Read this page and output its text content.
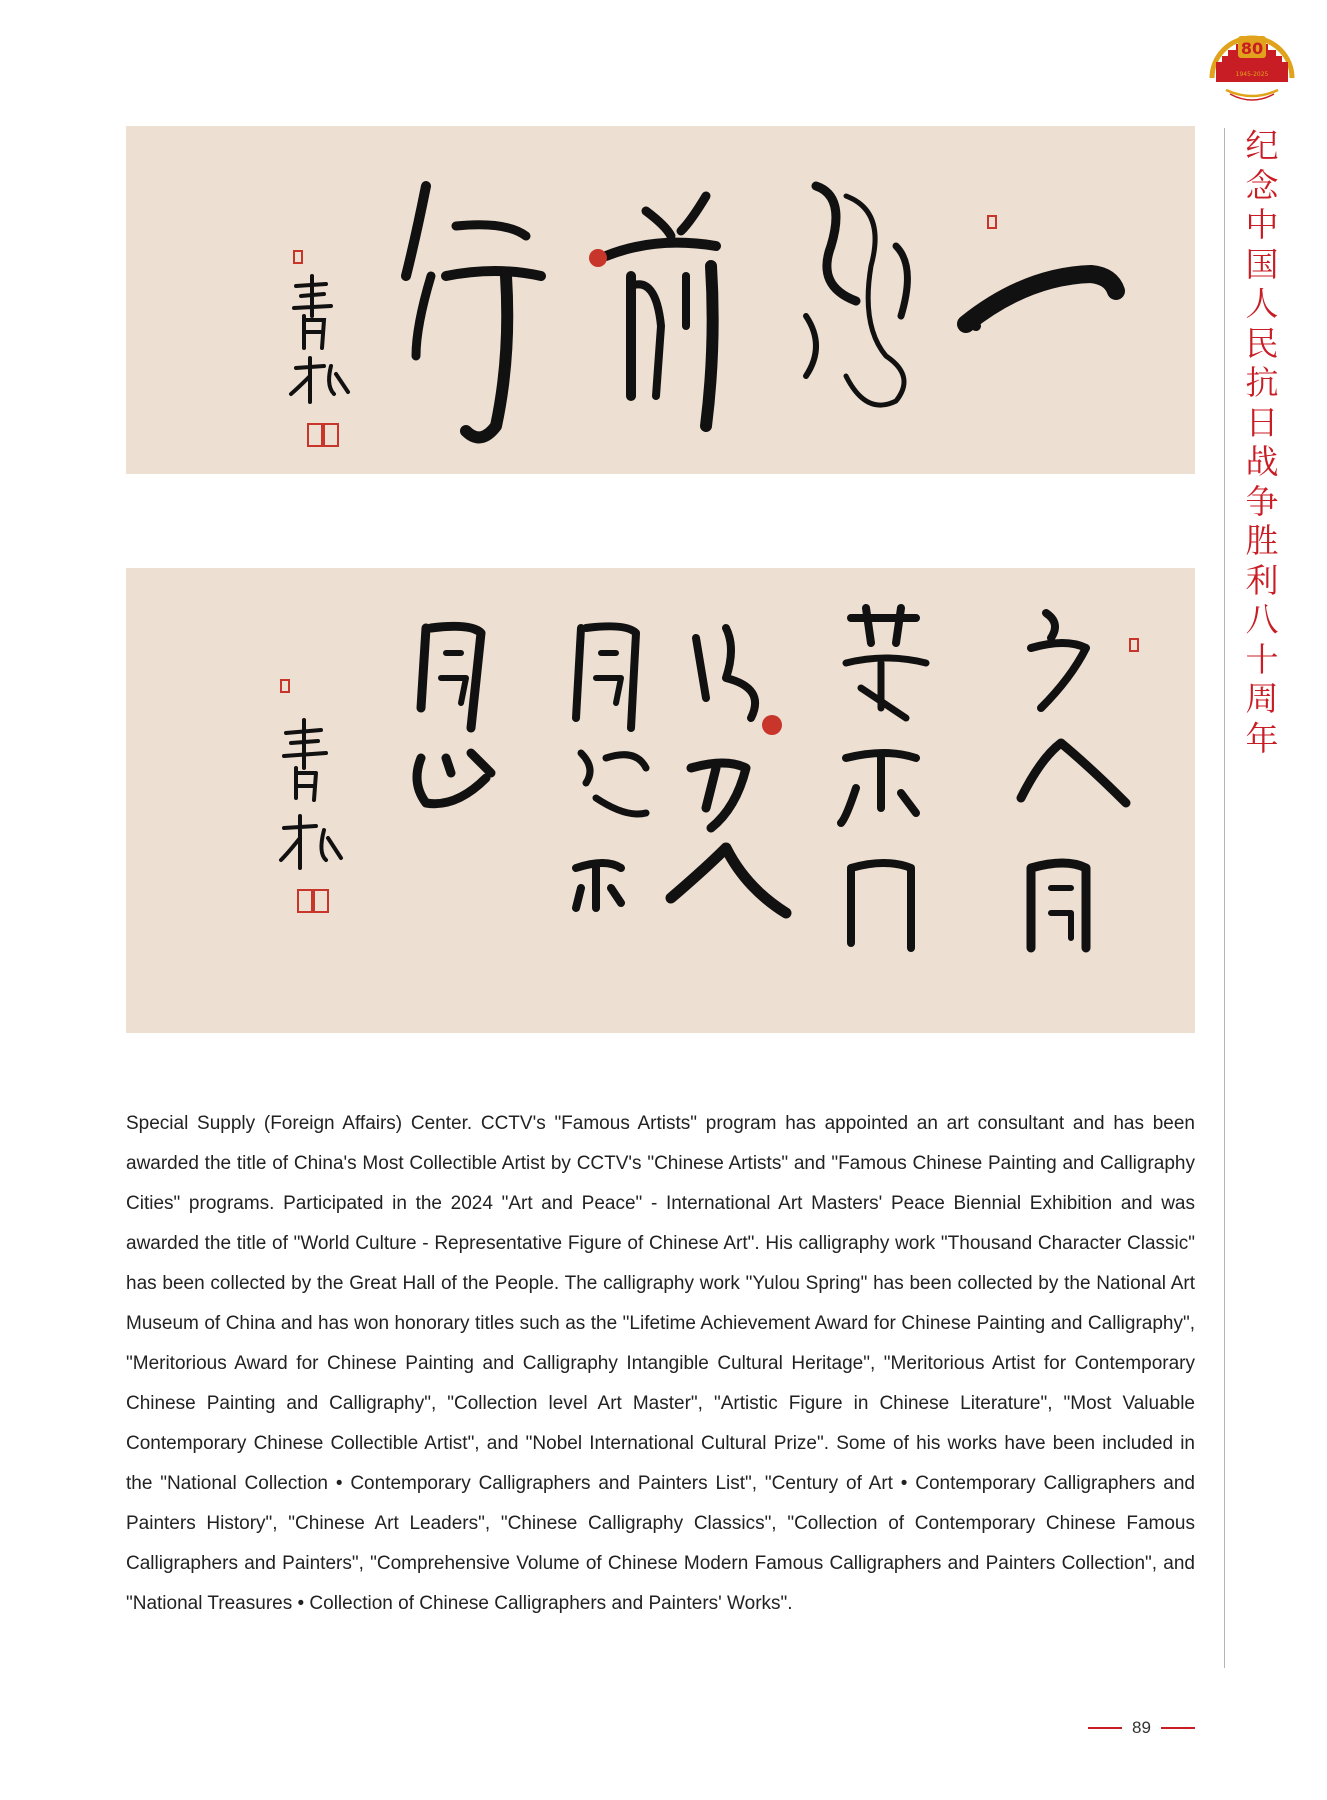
80
1945-2025
纪念中国人民抗日战争胜利八十周年

Special Supply (Foreign Affairs) Center. CCTV's "Famous Artists" program has appointed an art consultant and has been awarded the title of China's Most Collectible Artist by CCTV's "Chinese Artists" and "Famous Chinese Painting and Calligraphy Cities" programs. Participated in the 2024 "Art and Peace" - International Art Masters' Peace Biennial Exhibition and was awarded the title of "World Culture - Representative Figure of Chinese Art". His calligraphy work "Thousand Character Classic" has been collected by the Great Hall of the People. The calligraphy work "Yulou Spring" has been collected by the National Art Museum of China and has won honorary titles such as the "Lifetime Achievement Award for Chinese Painting and Calligraphy", "Meritorious Award for Chinese Painting and Calligraphy Intangible Cultural Heritage", "Meritorious Artist for Contemporary Chinese Painting and Calligraphy", "Collection level Art Master", "Artistic Figure in Chinese Literature", "Most Valuable Contemporary Chinese Collectible Artist", and "Nobel International Cultural Prize". Some of his works have been included in the "National Collection • Contemporary Calligraphers and Painters List", "Century of Art • Contemporary Calligraphers and Painters History", "Chinese Art Leaders", "Chinese Calligraphy Classics", "Collection of Contemporary Chinese Famous Calligraphers and Painters", "Comprehensive Volume of Chinese Modern Famous Calligraphers and Painters Collection", and "National Treasures • Collection of Chinese Calligraphers and Painters' Works".

89
